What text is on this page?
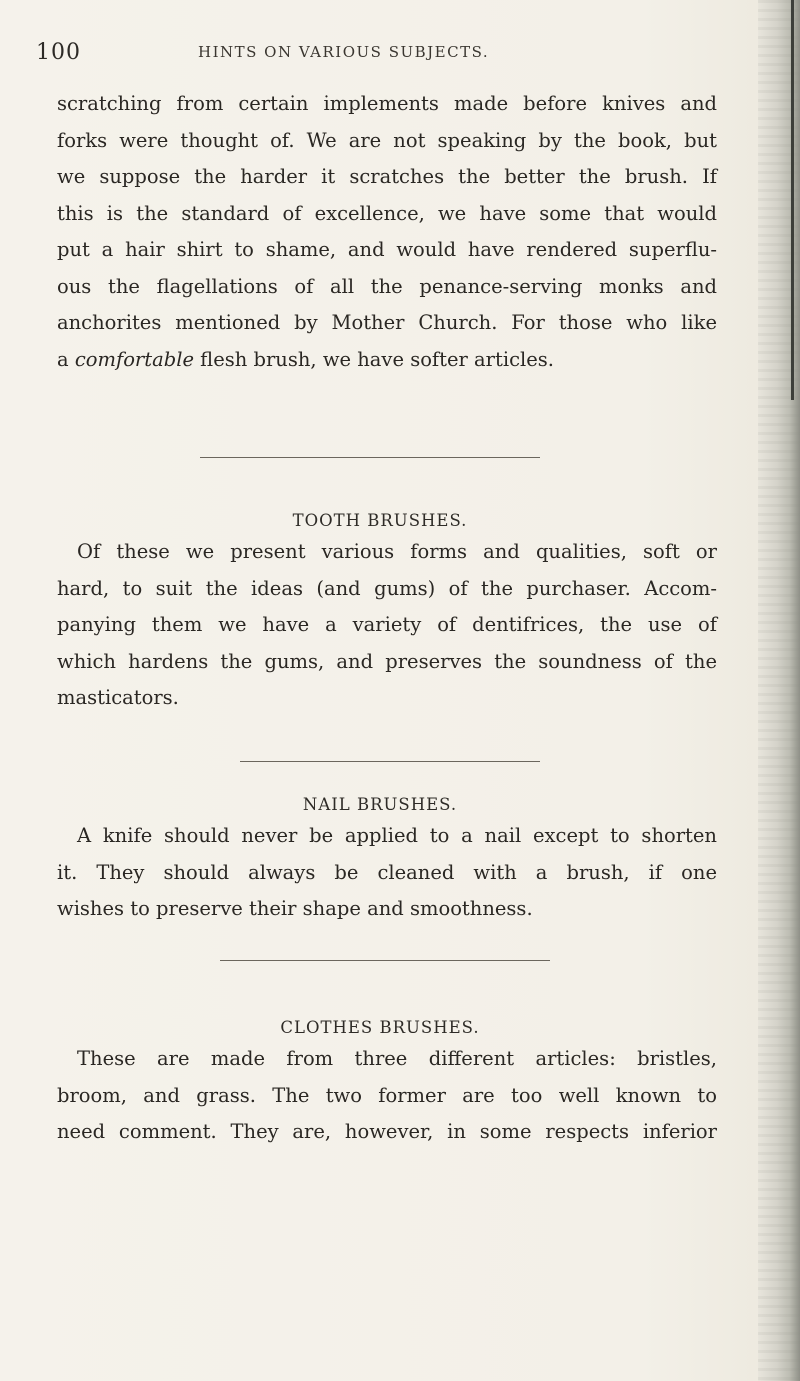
100	HINTS ON VARIOUS SUBJECTS.
scratching from certain implements made before knives and
forks were thought of. We are not speaking by the book, but
we suppose the harder it scratches the better the brush. If
this is the standard of excellence, we have some that would
put a hair shirt to shame, and would have rendered superflu-
ous the flagellations of all the penance-serving monks and
anchorites mentioned by Mother Church. For those who like
a comfortable flesh brush, we have softer articles.
TOOTH BRUSHES.
Of these we present various forms and qualities, soft or
hard, to suit the ideas (and gums) of the purchaser. Accom-
panying them we have a variety of dentifrices, the use of
which hardens the gums, and preserves the soundness of the
masticators.
NAIL BRUSHES.
A knife should never be applied to a nail except to shorten
it. They should always be cleaned with a brush, if one
wishes to preserve their shape and smoothness.
CLOTHES BRUSHES.
These are made from three different articles: bristles,
broom, and grass. The two former are too well known to
need comment. They are, however, in some respects inferior
